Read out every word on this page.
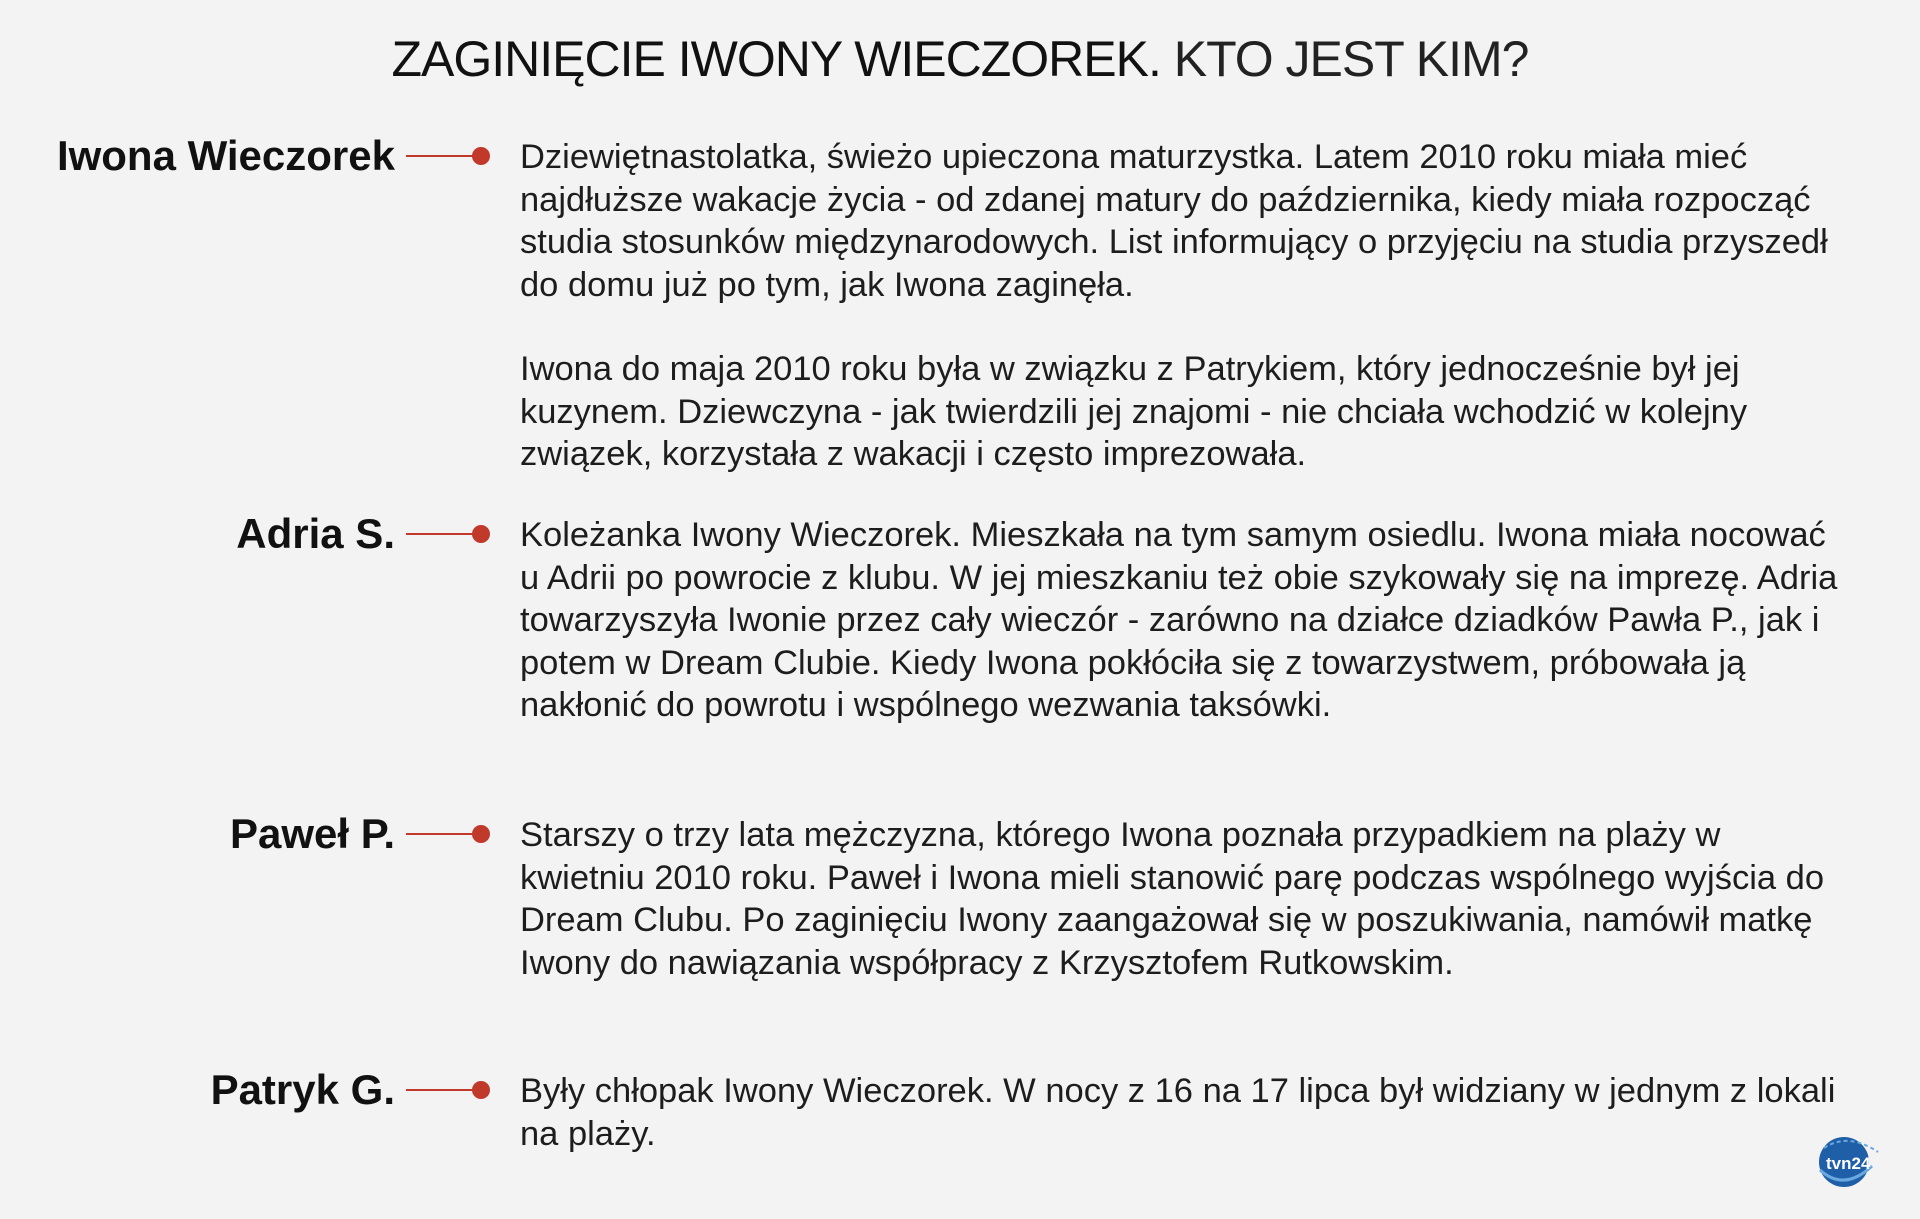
ZAGINIĘCIE IWONY WIECZOREK. KTO JEST KIM?
Iwona Wieczorek	Dziewiętnastolatka, świeżo upieczona maturzystka. Latem 2010 roku miała mieć najdłuższe wakacje życia - od zdanej matury do października, kiedy miała rozpocząć studia stosunków międzynarodowych. List informujący o przyjęciu na studia przyszedł do domu już po tym, jak Iwona zaginęła.

Iwona do maja 2010 roku była w związku z Patrykiem, który jednocześnie był jej kuzynem. Dziewczyna - jak twierdzili jej znajomi - nie chciała wchodzić w kolejny związek, korzystała z wakacji i często imprezowała.

Adria S.	Koleżanka Iwony Wieczorek. Mieszkała na tym samym osiedlu. Iwona miała nocować u Adrii po powrocie z klubu. W jej mieszkaniu też obie szykowały się na imprezę. Adria towarzyszyła Iwonie przez cały wieczór - zarówno na działce dziadków Pawła P., jak i potem w Dream Clubie. Kiedy Iwona pokłóciła się z towarzystwem, próbowała ją nakłonić do powrotu i wspólnego wezwania taksówki.

Paweł P.	Starszy o trzy lata mężczyzna, którego Iwona poznała przypadkiem na plaży w kwietniu 2010 roku. Paweł i Iwona mieli stanowić parę podczas wspólnego wyjścia do Dream Clubu. Po zaginięciu Iwony zaangażował się w poszukiwania, namówił matkę Iwony do nawiązania współpracy z Krzysztofem Rutkowskim.

Patryk G.	Były chłopak Iwony Wieczorek. W nocy z 16 na 17 lipca był widziany w jednym z lokali na plaży.

tvn24
